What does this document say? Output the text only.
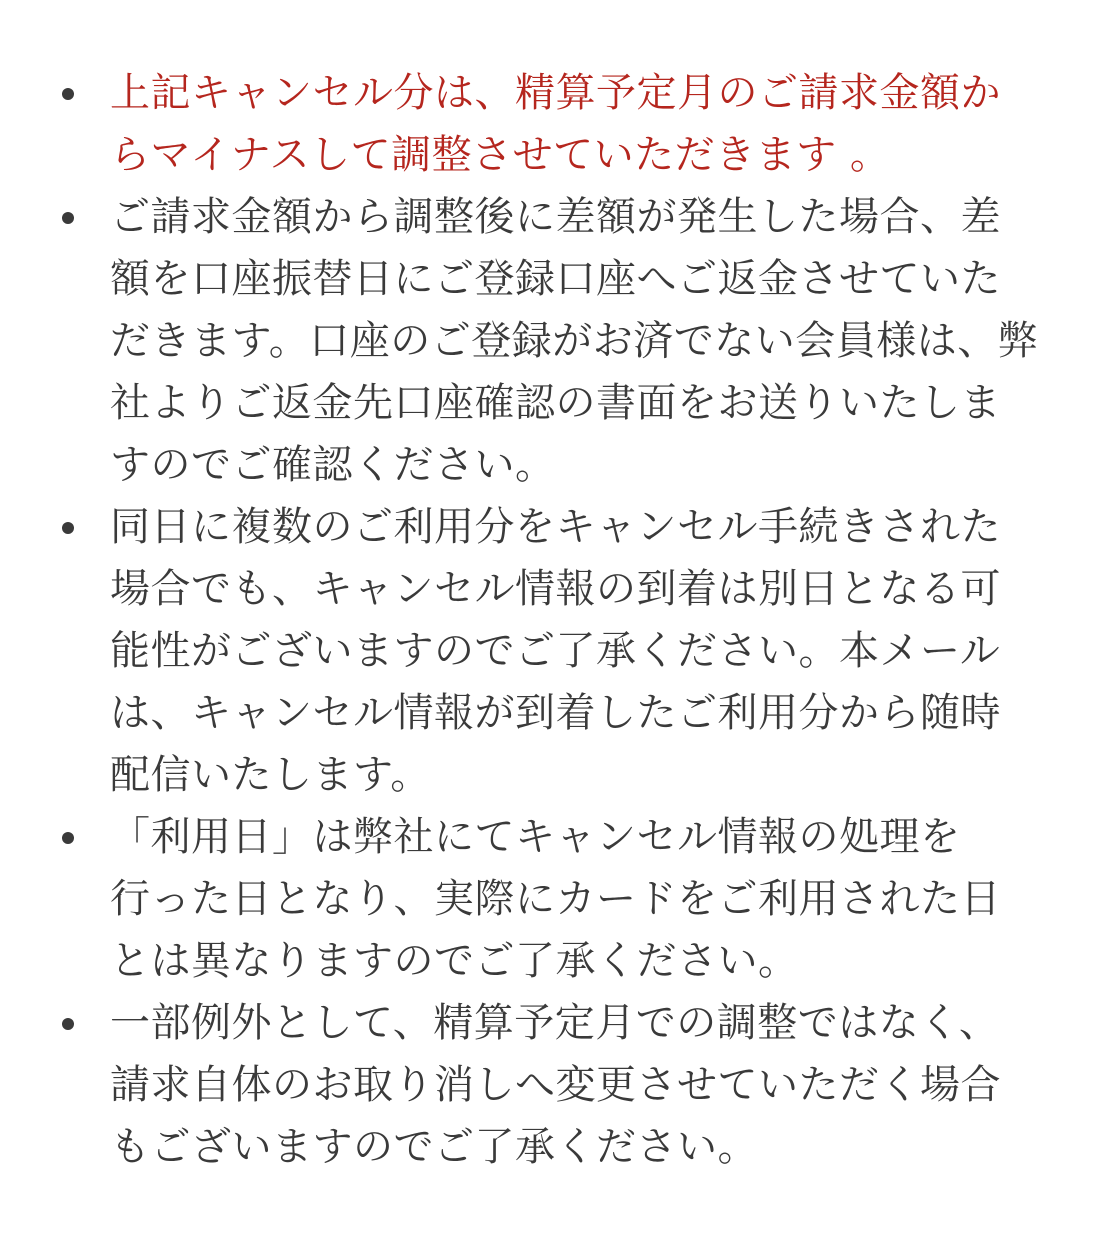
上記キャンセル分は、精算予定月のご請求金額か
らマイナスして調整させていただきます 。
ご請求金額から調整後に差額が発生した場合、差
額を口座振替日にご登録口座へご返金させていた
だきます。口座のご登録がお済でない会員様は、弊
社よりご返金先口座確認の書面をお送りいたしま
すのでご確認ください。
同日に複数のご利用分をキャンセル手続きされた
場合でも、キャンセル情報の到着は別日となる可
能性がございますのでご了承ください。本メール
は、キャンセル情報が到着したご利用分から随時
配信いたします。
「利用日」は弊社にてキャンセル情報の処理を
行った日となり、実際にカードをご利用された日
とは異なりますのでご了承ください。
一部例外として、精算予定月での調整ではなく、
請求自体のお取り消しへ変更させていただく場合
もございますのでご了承ください。
